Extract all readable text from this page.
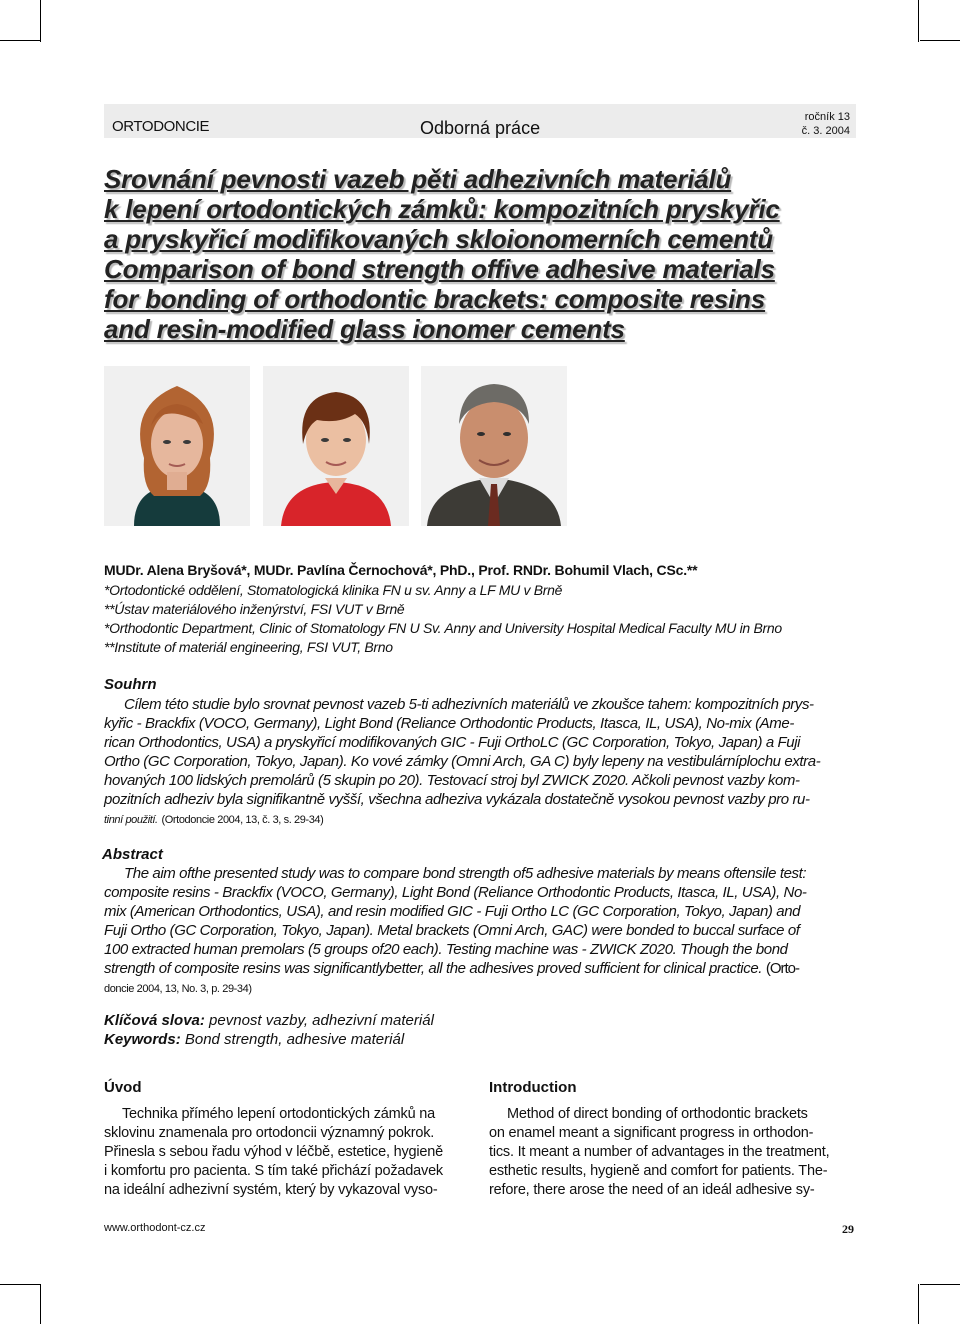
ORTODONCIE	Odborná práce
ročník 13
č. 3. 2004
Srovnání pevnosti vazeb pěti adhezivních materiálů
k lepení ortodontických zámků: kompozitních pryskyřic
a pryskyřicí modifikovaných skloionomerních cementů
Comparison of bond strength offive adhesive materials
for bonding of orthodontic brackets: composite resins
and resin-modified glass ionomer cements
MUDr. Alena Bryšová*, MUDr. Pavlína Černochová*, PhD., Prof. RNDr. Bohumil Vlach, CSc.**
*Ortodontické oddělení, Stomatologická klinika FN u sv. Anny a LF MU v Brně
**Ústav materiálového inženýrství, FSI VUT v Brně
*Orthodontic Department, Clinic of Stomatology FN U Sv. Anny and University Hospital Medical Faculty MU in Brno
**Institute of materiál engineering, FSI VUT, Brno
Souhrn
Cílem této studie bylo srovnat pevnost vazeb 5-ti adhezivních materiálů ve zkoušce tahem: kompozitních prys-
kyřic - Brackfix (VOCO, Germany), Light Bond (Reliance Orthodontic Products, Itasca, IL, USA), No-mix (Ame-
rican Orthodontics, USA) a pryskyřicí modifikovaných GIC - Fuji OrthoLC (GC Corporation, Tokyo, Japan) a Fuji
Ortho (GC Corporation, Tokyo, Japan). Ko vové zámky (Omni Arch, GA C) byly lepeny na vestibulárníplochu extra-
hovaných 100 lidských premolárů (5 skupin po 20). Testovací stroj byl ZWICK Z020. Ačkoli pevnost vazby kom-
pozitních adheziv byla signifikantně vyšší, všechna adheziva vykázala dostatečně vysokou pevnost vazby pro ru-
tinní použití. (Ortodoncie 2004, 13, č. 3, s. 29-34)
Abstract
The aim ofthe presented study was to compare bond strength of5 adhesive materials by means oftensile test:
composite resins - Brackfix (VOCO, Germany), Light Bond (Reliance Orthodontic Products, Itasca, IL, USA), No-
mix (American Orthodontics, USA), and resin modified GIC - Fuji Ortho LC (GC Corporation, Tokyo, Japan) and
Fuji Ortho (GC Corporation, Tokyo, Japan). Metal brackets (Omni Arch, GAC) were bonded to buccal surface of
100 extracted human premolars (5 groups of20 each). Testing machine was - ZWICK Z020. Though the bond
strength of composite resins was significantlybetter, all the adhesives proved sufficient for clinical practice. (Orto-
doncie 2004, 13, No. 3, p. 29-34)
Klíčová slova: pevnost vazby, adhezivní materiál
Keywords: Bond strength, adhesive materiál
Úvod
Technika přímého lepení ortodontických zámků na
sklovinu znamenala pro ortodoncii významný pokrok.
Přinesla s sebou řadu výhod v léčbě, estetice, hygieně
i komfortu pro pacienta. S tím také přichází požadavek
na ideální adhezivní systém, který by vykazoval vyso-
Introduction
Method of direct bonding of orthodontic brackets
on enamel meant a significant progress in orthodon-
tics. It meant a number of advantages in the treatment,
esthetic results, hygieně and comfort for patients. The-
refore, there arose the need of an ideál adhesive sy-
www.orthodont-cz.cz	29
